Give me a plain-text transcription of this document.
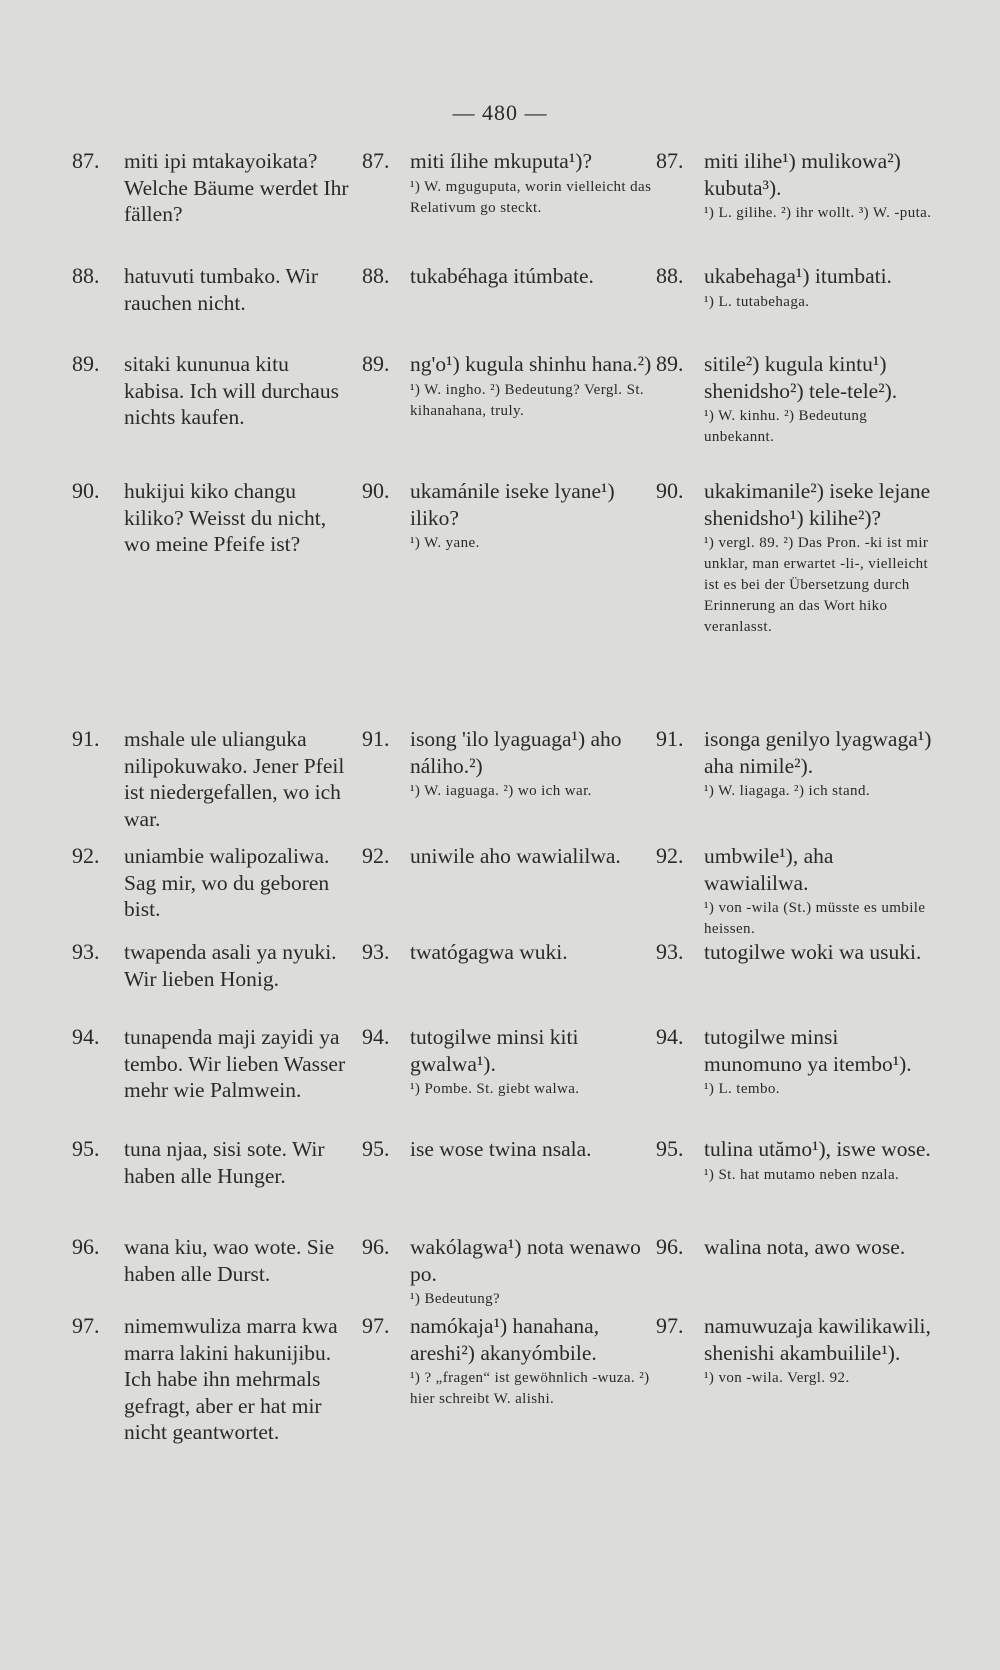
— 480 —
87. miti ipi mtakayoikata? Welche Bäume werdet Ihr fällen?
88. hatuvuti tumbako. Wir rauchen nicht.
89. sitaki kununua kitu kabisa. Ich will durchaus nichts kaufen.
90. hukijui kiko changu kiliko? Weisst du nicht, wo meine Pfeife ist?
91. mshale ule ulianguka nilipokuwako. Jener Pfeil ist niedergefallen, wo ich war.
92. uniambie walipozaliwa. Sag mir, wo du geboren bist.
93. twapenda asali ya nyuki. Wir lieben Honig.
94. tunapenda maji zayidi ya tembo. Wir lieben Wasser mehr wie Palmwein.
95. tuna njaa, sisi sote. Wir haben alle Hunger.
96. wana kiu, wao wote. Sie haben alle Durst.
97. nimemwuliza marra kwa marra lakini hakunijibu. Ich habe ihn mehrmals gefragt, aber er hat mir nicht geantwortet.
87. miti ílihe mkuputa¹)?
¹) W. mguguputa, worin vielleicht das Relativum go steckt.
88. tukabéhaga itúmbate.
89. ng'o¹) kugula shinhu hana.²)
¹) W. ingho. ²) Bedeutung? Vergl. St. kihanahana, truly.
90. ukamánile iseke lyane¹) iliko?
¹) W. yane.
91. isong 'ilo lyaguaga¹) aho náliho.²)
¹) W. iaguaga. ²) wo ich war.
92. uniwile aho wawialilwa.
93. twatógagwa wuki.
94. tutogilwe minsi kiti gwalwa¹).
¹) Pombe. St. giebt walwa.
95. ise wose twina nsala.
96. wakólagwa¹) nota wenawo po.
¹) Bedeutung?
97. namókaja¹) hanahana, areshi²) akanyómbile.
¹) ? „fragen“ ist gewöhnlich -wuza. ²) hier schreibt W. alishi.
87. miti ilihe¹) mulikowa²) kubuta³).
¹) L. gilihe. ²) ihr wollt. ³) W. -puta.
88. ukabehaga¹) itumbati.
¹) L. tutabehaga.
89. sitile²) kugula kintu¹) shenidsho²) tele-tele²).
¹) W. kinhu. ²) Bedeutung unbekannt.
90. ukakimanile²) iseke lejane shenidsho¹) kilihe²)?
¹) vergl. 89. ²) Das Pron. -ki ist mir unklar, man erwartet -li-, vielleicht ist es bei der Übersetzung durch Erinnerung an das Wort hiko veranlasst.
91. isonga genilyo lyagwaga¹) aha nimile²).
¹) W. liagaga. ²) ich stand.
92. umbwile¹), aha wawialilwa.
¹) von -wila (St.) müsste es umbile heissen.
93. tutogilwe woki wa usuki.
94. tutogilwe minsi munomuno ya itembo¹).
¹) L. tembo.
95. tulina utămo¹), iswe wose.
¹) St. hat mutamo neben nzala.
96. walina nota, awo wose.
97. namuwuzaja kawilikawili, shenishi akambuilile¹).
¹) von -wila. Vergl. 92.
